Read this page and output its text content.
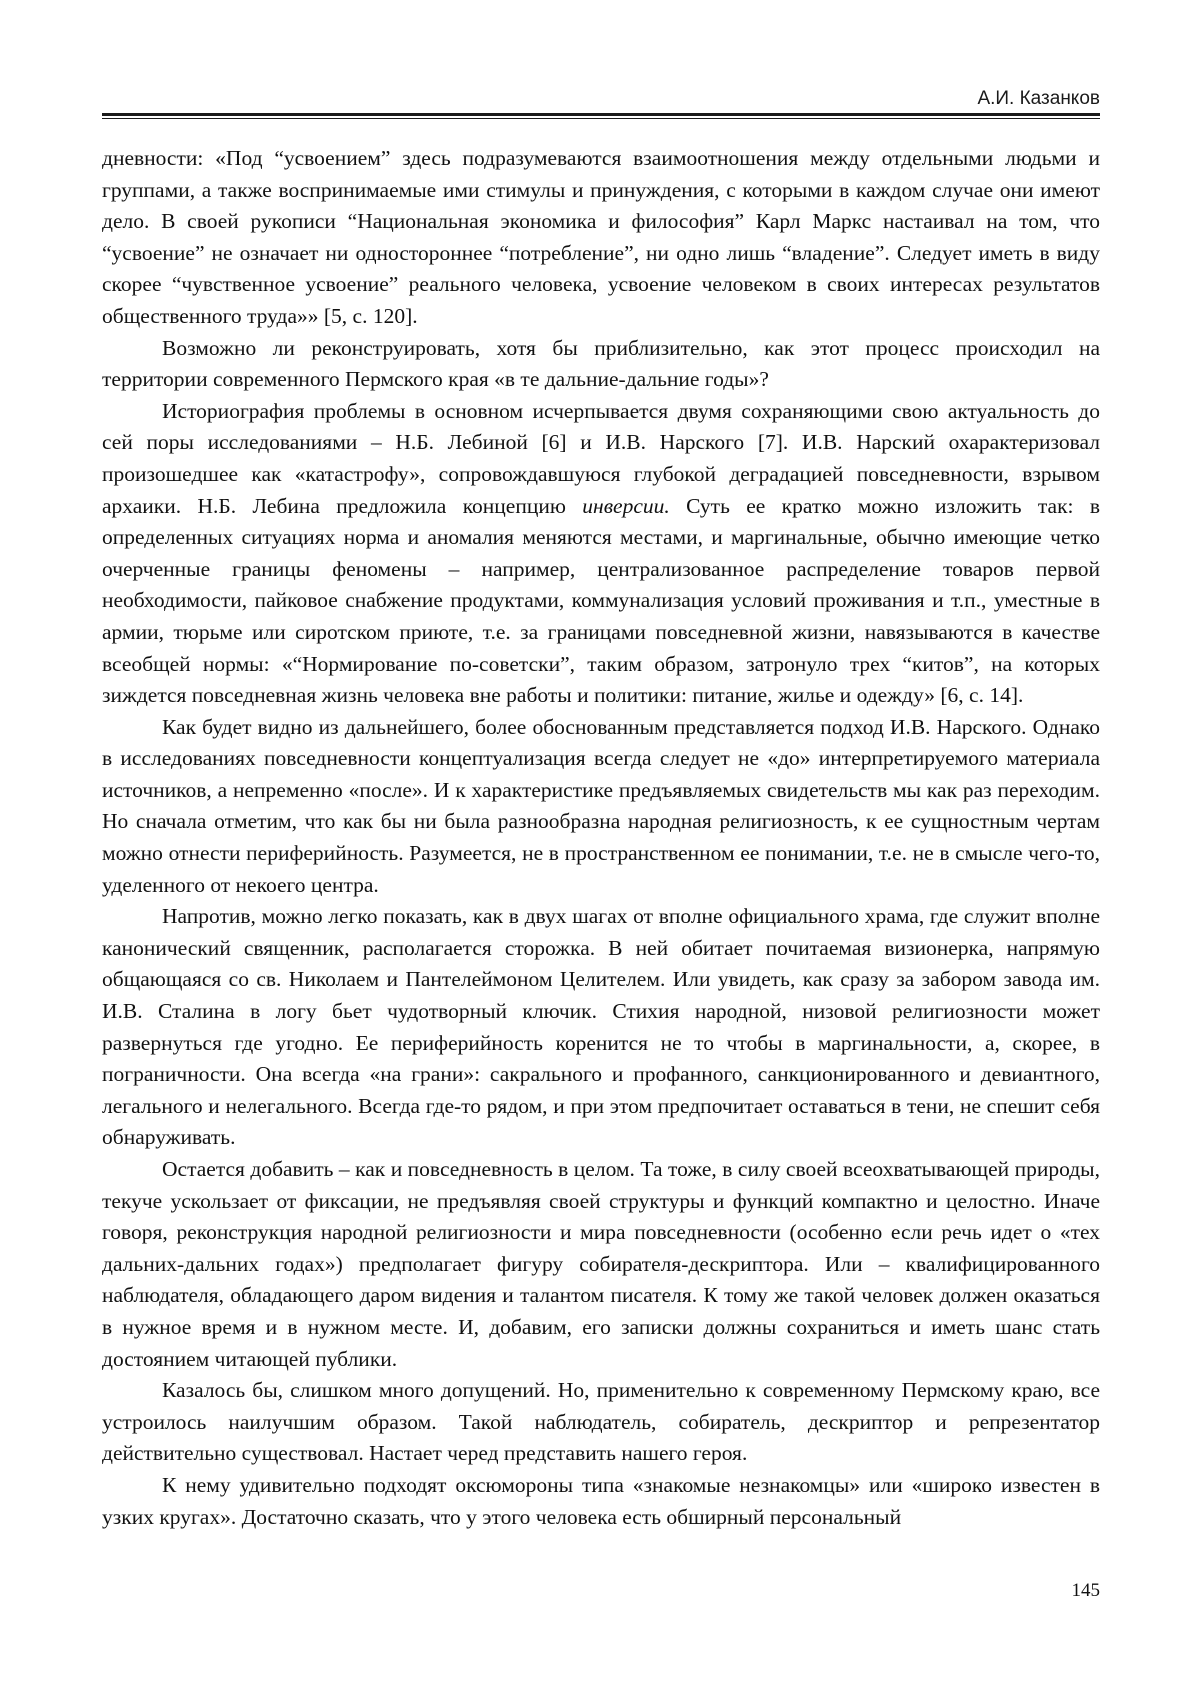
А.И. Казанков

дневности: «Под “усвоением” здесь подразумеваются взаимоотношения между отдельными людьми и группами, а также воспринимаемые ими стимулы и принуждения, с которыми в каж­дом случае они имеют дело. В своей рукописи “Национальная экономика и философия” Карл Маркс настаивал на том, что “усвоение” не означает ни одностороннее “потребление”, ни одно лишь “владение”. Следует иметь в виду скорее “чувственное усвоение” реального человека, ус­воение человеком в своих интересах результатов общественного труда»» [5, с. 120].

Возможно ли реконструировать, хотя бы приблизительно, как этот процесс происходил на территории современного Пермского края «в те дальние-дальние годы»?

Историография проблемы в основном исчерпывается двумя сохраняющими свою акту­альность до сей поры исследованиями – Н.Б. Лебиной [6] и И.В. Нарского [7]. И.В. Нарский охарактеризовал произошедшее как «катастрофу», сопровождавшуюся глубокой деградацией повседневности, взрывом архаики. Н.Б. Лебина предложила концепцию инверсии. Суть ее кратко можно изложить так: в определенных ситуациях норма и аномалия меняются местами, и маргинальные, обычно имеющие четко очерченные границы феномены – например, централи­зованное распределение товаров первой необходимости, пайковое снабжение продуктами, ком­мунализация условий проживания и т.п., уместные в армии, тюрьме или сиротском приюте, т.е. за границами повседневной жизни, навязываются в качестве всеобщей нормы: «“Нормирование по-советски”, таким образом, затронуло трех “китов”, на которых зиждется повседневная жизнь человека вне работы и политики: питание, жилье и одежду» [6, с. 14].

Как будет видно из дальнейшего, более обоснованным представляется подход И.В. Нарско­го. Однако в исследованиях повседневности концептуализация всегда следует не «до» интерпре­тируемого материала источников, а непременно «после». И к характеристике предъявляемых свидетельств мы как раз переходим. Но сначала отметим, что как бы ни была разнообразна на­родная религиозность, к ее сущностным чертам можно отнести периферийность. Разумеется, не в пространственном ее понимании, т.е. не в смысле чего-то, уделенного от некоего центра.

Напротив, можно легко показать, как в двух шагах от вполне официального храма, где служит вполне канонический священник, располагается сторожка. В ней обитает почитаемая визионерка, напрямую общающаяся со св. Николаем и Пантелеймоном Целителем. Или уви­деть, как сразу за забором завода им. И.В. Сталина в логу бьет чудотворный ключик. Стихия народной, низовой религиозности может развернуться где угодно. Ее периферийность корени­тся не то чтобы в маргинальности, а, скорее, в пограничности. Она всегда «на грани»: сакрально­го и профанного, санкционированного и девиантного, легального и нелегального. Всегда где-то рядом, и при этом предпочитает оставаться в тени, не спешит себя обнаруживать.

Остается добавить – как и повседневность в целом. Та тоже, в силу своей всеохватываю­щей природы, текуче ускользает от фиксации, не предъявляя своей структуры и функций ком­пактно и целостно. Иначе говоря, реконструкция народной религиозности и мира повседневно­сти (особенно если речь идет о «тех дальних-дальних годах») предполагает фигуру собирателя-дескриптора. Или – квалифицированного наблюдателя, обладающего даром видения и талантом писателя. К тому же такой человек должен оказаться в нужное время и в нужном месте. И, до­бавим, его записки должны сохраниться и иметь шанс стать достоянием читающей публики.

Казалось бы, слишком много допущений. Но, применительно к современному Пермскому краю, все устроилось наилучшим образом. Такой наблюдатель, собиратель, дескриптор и ре­презентатор действительно существовал. Настает черед представить нашего героя.

К нему удивительно подходят оксюмороны типа «знакомые незнакомцы» или «широко из­вестен в узких кругах». Достаточно сказать, что у этого человека есть обширный персональный

145
